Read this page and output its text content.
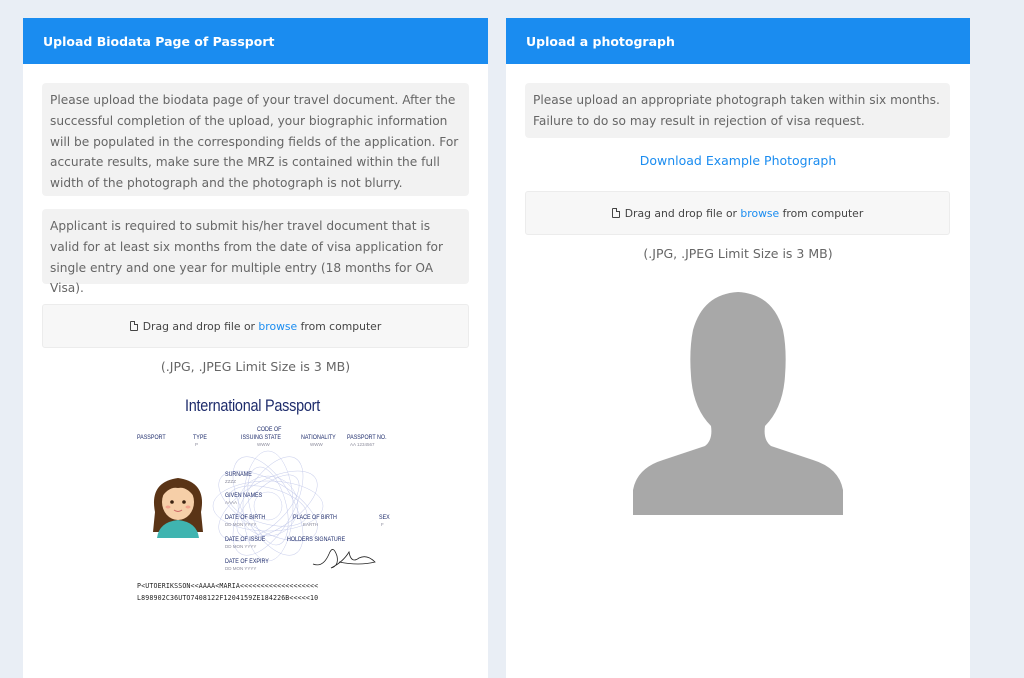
Upload Biodata Page of Passport
Please upload the biodata page of your travel document. After the successful completion of the upload, your biographic information will be populated in the corresponding fields of the application. For accurate results, make sure the MRZ is contained within the full width of the photograph and the photograph is not blurry.
Applicant is required to submit his/her travel document that is valid for at least six months from the date of visa application for single entry and one year for multiple entry (18 months for OA Visa).
Drag and drop file or
browse
from computer
(.JPG, .JPEG Limit Size is 3 MB)
International Passport
PASSPORT	TYPE
P
CODE OF
ISSUING STATE
WWW
NATIONALITY
WWW
PASSPORT NO.
AA 1234567
SURNAME
ZZZZ
GIVEN NAMES
AAAA
DATE OF BIRTH
DD MON YYYY
PLACE OF BIRTH
EARTH
SEX
F
DATE OF ISSUE
DD MON YYYY
HOLDERS SIGNATURE
DATE OF EXPIRY
DD MON YYYY
P<UTOERIKSSON<<AAAA<MARIA<<<<<<<<<<<<<<<<<<<
L898902C36UTO7408122F1204159ZE184226B<<<<<10
Upload a photograph
Please upload an appropriate photograph taken within six months. Failure to do so may result in rejection of visa request.
Download Example Photograph
Drag and drop file or
browse
from computer
(.JPG, .JPEG Limit Size is 3 MB)
